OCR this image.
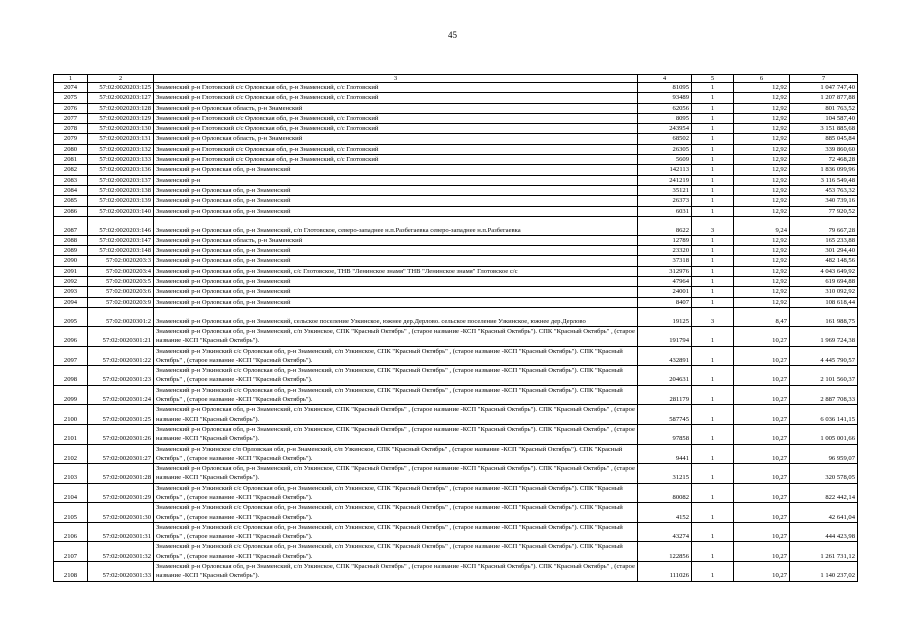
45
1	2	3	4	5	6	7
2074	57:02:0020203:125	Знаменский р-н Глотовский с/с Орловская обл, р-н Знаменский, с/с Глотовский	81095	1	12,92	1 047 747,40
2075	57:02:0020203:127	Знаменский р-н Глотовский с/с Орловская обл, р-н Знаменский, с/с Глотовский	93489	1	12,92	1 207 877,88
2076	57:02:0020203:128	Знаменский р-н Орловская область, р-н Знаменский	62056	1	12,92	801 763,52
2077	57:02:0020203:129	Знаменский р-н Глотовский с/с Орловская обл, р-н Знаменский, с/с Глотовский	8095	1	12,92	104 587,40
2078	57:02:0020203:130	Знаменский р-н Глотовский с/с Орловская обл, р-н Знаменский, с/с Глотовский	243954	1	12,92	3 151 885,68
2079	57:02:0020203:131	Знаменский р-н Орловская область, р-н Знаменский	68502	1	12,92	885 045,84
2080	57:02:0020203:132	Знаменский р-н Глотовский с/с Орловская обл, р-н Знаменский, с/с Глотовский	26305	1	12,92	339 860,60
2081	57:02:0020203:133	Знаменский р-н Глотовский с/с Орловская обл, р-н Знаменский, с/с Глотовский	5609	1	12,92	72 468,28
2082	57:02:0020203:136	Знаменский р-н Орловская обл, р-н Знаменский	142113	1	12,92	1 836 099,96
2083	57:02:0020203:137	Знаменский р-н	241219	1	12,92	3 116 549,48
2084	57:02:0020203:138	Знаменский р-н Орловская обл, р-н Знаменский	35121	1	12,92	453 763,32
2085	57:02:0020203:139	Знаменский р-н Орловская обл, р-н Знаменский	26373	1	12,92	340 739,16
2086	57:02:0020203:140	Знаменский р-н Орловская обл, р-н Знаменский	6031	1	12,92	77 920,52
2087	57:02:0020203:146	Знаменский р-н Орловская обл, р-н Знаменский, с/п Глотовское, северо-западнее н.п.Разбегаевка северо-западнее н.п.Разбегаевка	8622	3	9,24	79 667,28
2088	57:02:0020203:147	Знаменский р-н Орловская область, р-н Знаменский	12789	1	12,92	165 233,88
2089	57:02:0020203:148	Знаменский р-н Орловская обл, р-н Знаменский	23320	1	12,92	301 294,40
2090	57:02:0020203:3	Знаменский р-н Орловская обл, р-н Знаменский	37318	1	12,92	482 148,56
2091	57:02:0020203:4	Знаменский р-н Орловская обл, р-н Знаменский, с/с Глотовское, ТНВ "Ленинское знамя" ТНВ "Ленинское знамя" Глотовское с/с	312976	1	12,92	4 043 649,92
2092	57:02:0020203:5	Знаменский р-н Орловская обл, р-н Знаменский	47964	1	12,92	619 694,88
2093	57:02:0020203:6	Знаменский р-н Орловская обл, р-н Знаменский	24001	1	12,92	310 092,92
2094	57:02:0020203:9	Знаменский р-н Орловская обл, р-н Знаменский	8407	1	12,92	108 618,44
2095	57:02:0020301:2	Знаменский р-н Орловская обл, р-н Знаменский, сельское поселение Узкинское, южнее дер.Дерлово. сельское поселение Узкинское, южнее дер.Дерлово	19125	3	8,47	161 988,75
2096	57:02:0020301:21	Знаменский р-н Орловская обл, р-н Знаменский, с/п Узкинское, СПК "Красный Октябрь" , (старое название -КСП "Красный Октябрь"). СПК "Красный Октябрь" , (старое название -КСП "Красный Октябрь").	191794	1	10,27	1 969 724,38
2097	57:02:0020301:22	Знаменский р-н Узкинский с/с Орловская обл, р-н Знаменский, с/п Узкинское, СПК "Красный Октябрь" , (старое название -КСП "Красный Октябрь"). СПК "Красный Октябрь" , (старое название -КСП "Красный Октябрь").	432891	1	10,27	4 445 790,57
2098	57:02:0020301:23	Знаменский р-н Узкинский с/с Орловская обл, р-н Знаменский, с/п Узкинское, СПК "Красный Октябрь" , (старое название -КСП "Красный Октябрь"). СПК "Красный Октябрь" , (старое название -КСП "Красный Октябрь").	204631	1	10,27	2 101 560,37
2099	57:02:0020301:24	Знаменский р-н Узкинский с/с Орловская обл, р-н Знаменский, с/п Узкинское, СПК "Красный Октябрь" , (старое название -КСП "Красный Октябрь"). СПК "Красный Октябрь" , (старое название -КСП "Красный Октябрь").	281179	1	10,27	2 887 708,33
2100	57:02:0020301:25	Знаменский р-н Орловская обл, р-н Знаменский, с/п Узкинское, СПК "Красный Октябрь" , (старое название -КСП "Красный Октябрь"). СПК "Красный Октябрь" , (старое название -КСП "Красный Октябрь").	587745	1	10,27	6 036 141,15
2101	57:02:0020301:26	Знаменский р-н Орловская обл, р-н Знаменский, с/п Узкинское, СПК "Красный Октябрь" , (старое название -КСП "Красный Октябрь"). СПК "Красный Октябрь" , (старое название -КСП "Красный Октябрь").	97858	1	10,27	1 005 001,66
2102	57:02:0020301:27	Знаменский р-н Узкинское с/п Орловская обл, р-н Знаменский, с/п Узкинское, СПК "Красный Октябрь" , (старое название -КСП "Красный Октябрь"). СПК "Красный Октябрь" , (старое название -КСП "Красный Октябрь").	9441	1	10,27	96 959,07
2103	57:02:0020301:28	Знаменский р-н Орловская обл, р-н Знаменский, с/п Узкинское, СПК "Красный Октябрь" , (старое название -КСП "Красный Октябрь"). СПК "Красный Октябрь" , (старое название -КСП "Красный Октябрь").	31215	1	10,27	320 578,05
2104	57:02:0020301:29	Знаменский р-н Узкинский с/с Орловская обл, р-н Знаменский, с/п Узкинское, СПК "Красный Октябрь" , (старое название -КСП "Красный Октябрь"). СПК "Красный Октябрь" , (старое название -КСП "Красный Октябрь").	80082	1	10,27	822 442,14
2105	57:02:0020301:30	Знаменский р-н Узкинский с/с Орловская обл, р-н Знаменский, с/п Узкинское, СПК "Красный Октябрь" , (старое название -КСП "Красный Октябрь"). СПК "Красный Октябрь" , (старое название -КСП "Красный Октябрь").	4152	1	10,27	42 641,04
2106	57:02:0020301:31	Знаменский р-н Узкинский с/с Орловская обл, р-н Знаменский, с/п Узкинское, СПК "Красный Октябрь" , (старое название -КСП "Красный Октябрь"). СПК "Красный Октябрь" , (старое название -КСП "Красный Октябрь").	43274	1	10,27	444 423,98
2107	57:02:0020301:32	Знаменский р-н Узкинский с/с Орловская обл, р-н Знаменский, с/п Узкинское, СПК "Красный Октябрь" , (старое название -КСП "Красный Октябрь"). СПК "Красный Октябрь" , (старое название -КСП "Красный Октябрь").	122856	1	10,27	1 261 731,12
2108	57:02:0020301:33	Знаменский р-н Орловская обл, р-н Знаменский, с/п Узкинское, СПК "Красный Октябрь" , (старое название -КСП "Красный Октябрь"). СПК "Красный Октябрь" , (старое название -КСП "Красный Октябрь").	111026	1	10,27	1 140 237,02
